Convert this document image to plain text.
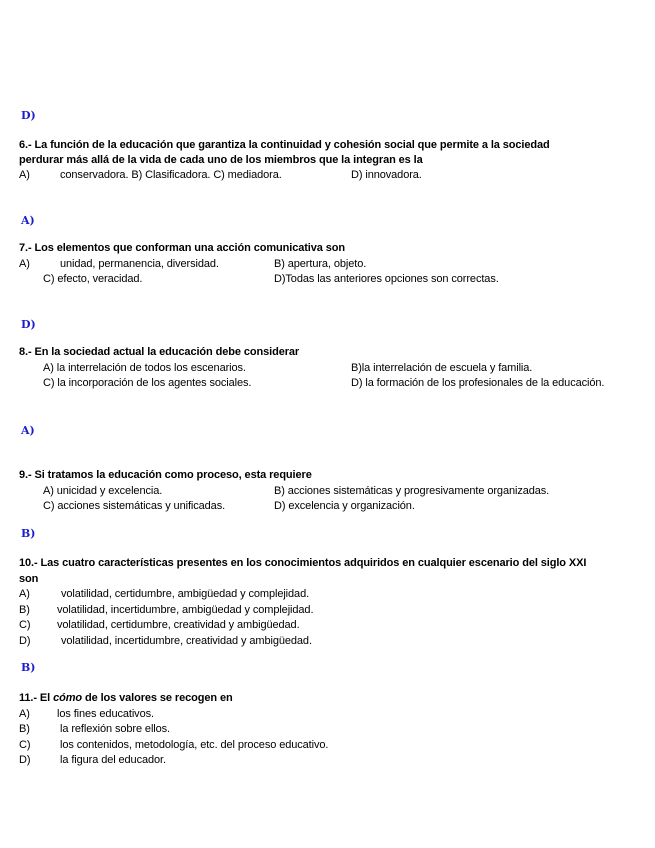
D)
6.- La función de la educación que garantiza la continuidad y cohesión social que permite a la sociedad
perdurar más allá de la vida de cada uno de los miembros que la integran es la
A)	conservadora. B) Clasificadora. C) mediadora.	D) innovadora.
A)
7.- Los elementos que conforman una acción comunicativa son
A)	unidad, permanencia, diversidad.	B) apertura, objeto.
C) efecto, veracidad.	D)Todas las anteriores opciones son correctas.
D)
8.- En la sociedad actual la educación debe considerar
A) la interrelación de todos los escenarios.	B)la interrelación de escuela y familia.
C) la incorporación de los agentes sociales.	D) la formación de los profesionales de la educación.
A)
9.- Si tratamos la educación como proceso, esta requiere
A) unicidad y excelencia.	B) acciones sistemáticas y progresivamente organizadas.
C) acciones sistemáticas y unificadas.	D) excelencia y organización.
B)
10.- Las cuatro características presentes en los conocimientos adquiridos en cualquier escenario del siglo XXI
son
A)	volatilidad, certidumbre, ambigüedad y complejidad.
B) volatilidad, incertidumbre, ambigüedad y complejidad.
C) volatilidad, certidumbre, creatividad y ambigüedad.
D)	volatilidad, incertidumbre, creatividad y ambigüedad.
B)
11.- El cómo de los valores se recogen en
A) los fines educativos.
B)	la reflexión sobre ellos.
C)	los contenidos, metodología, etc. del proceso educativo.
D)	la figura del educador.
